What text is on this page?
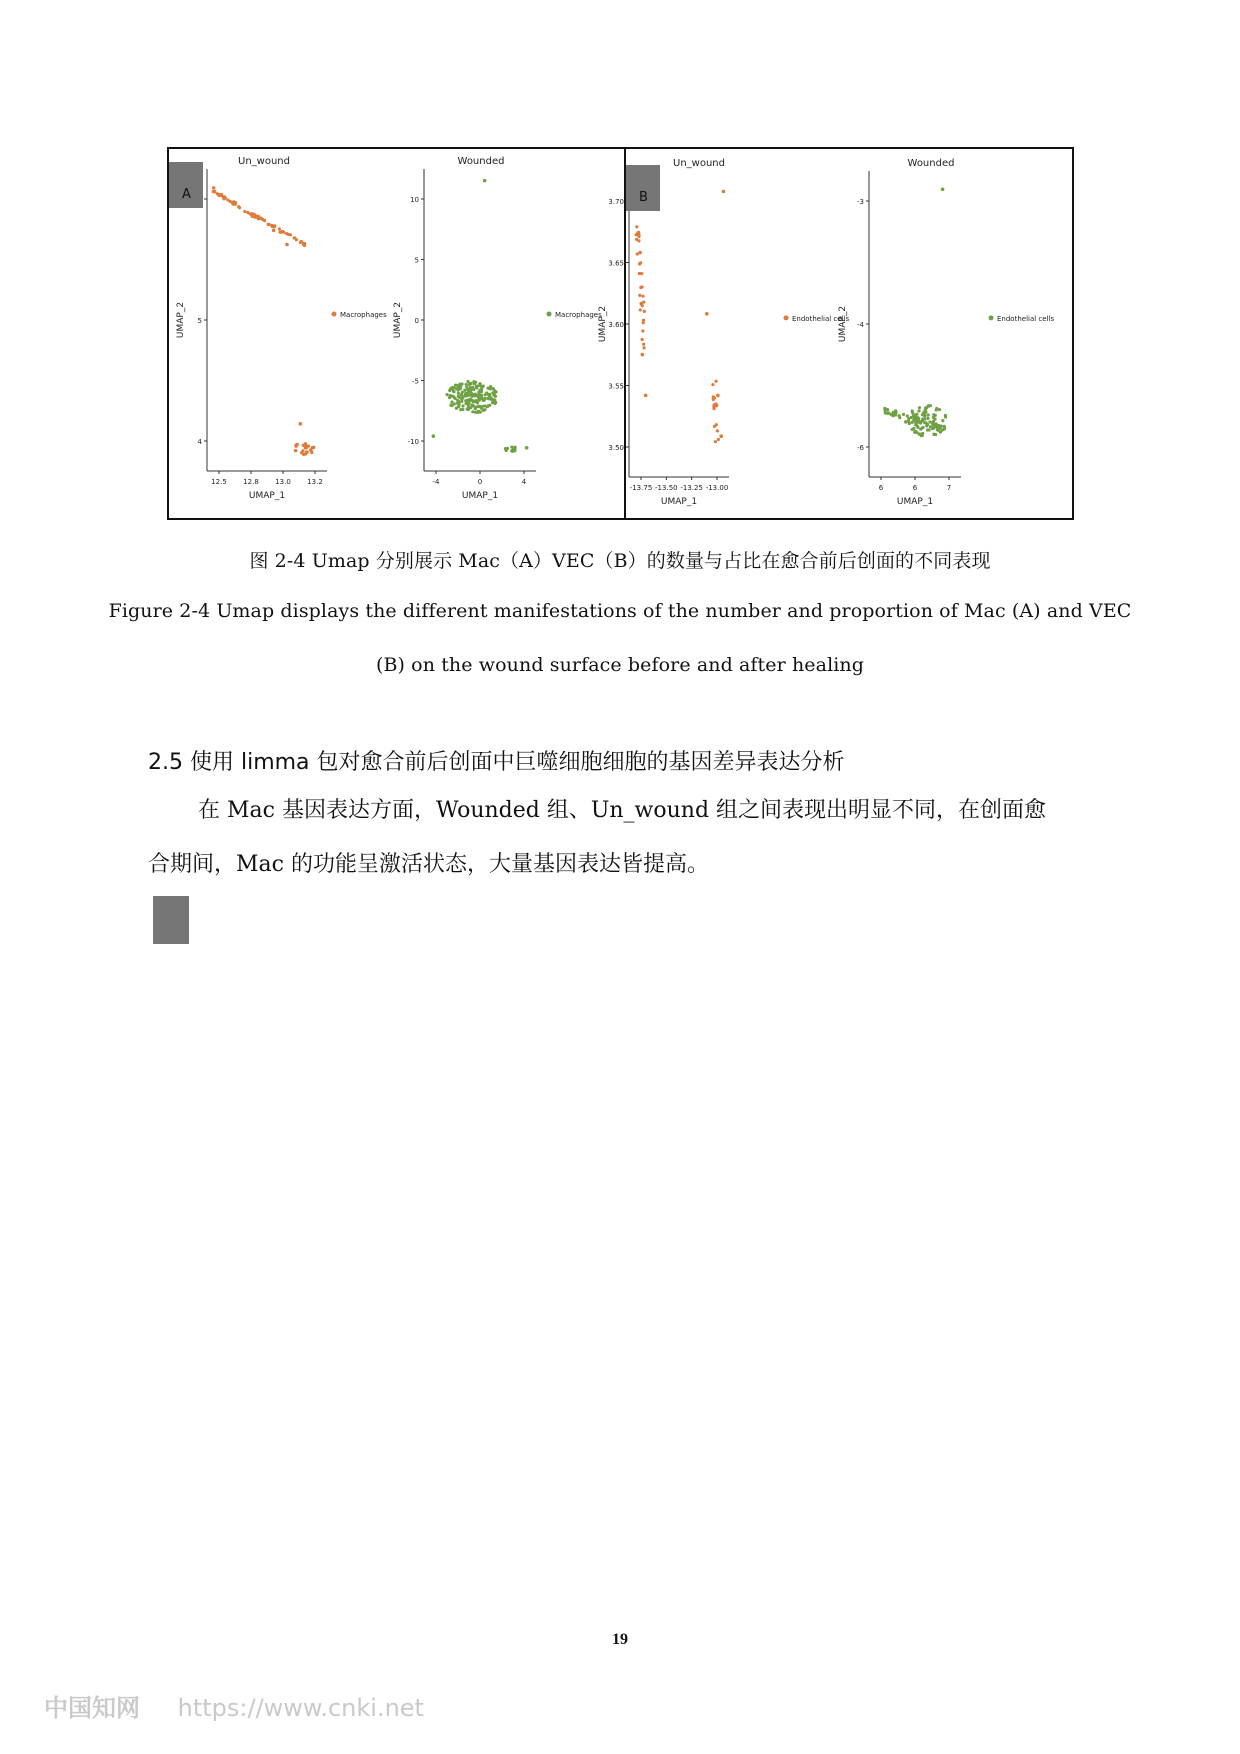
Un_wound
UMAP_1
UMAP_2
12.5 12.8 13.0 13.2
5
4
Macrophages
Wounded
UMAP_1
UMAP_2
-4	0	4
10
5
0
-5
-10
Macrophages
Un_wound
UMAP_1
UMAP_2
-13.75 -13.50 -13.25 -13.00
3.70
3.65
3.60
3.55
3.50
Endothelial cells
Wounded
UMAP_1
UMAP_2
6	6	7
-3
-4
-6
Endothelial cells
A	B
图 2-4 Umap 分别展示 Mac（A）VEC（B）的数量与占比在愈合前后创面的不同表现
Figure 2-4 Umap displays the different manifestations of the number and proportion of Mac (A) and VEC
(B) on the wound surface before and after healing
2.5 使用 limma 包对愈合前后创面中巨噬细胞细胞的基因差异表达分析
在 Mac 基因表达方面，Wounded 组、Un_wound 组之间表现出明显不同，在创面愈
合期间，Mac 的功能呈激活状态，大量基因表达皆提高。
19
中国知网 https://www.cnki.net
